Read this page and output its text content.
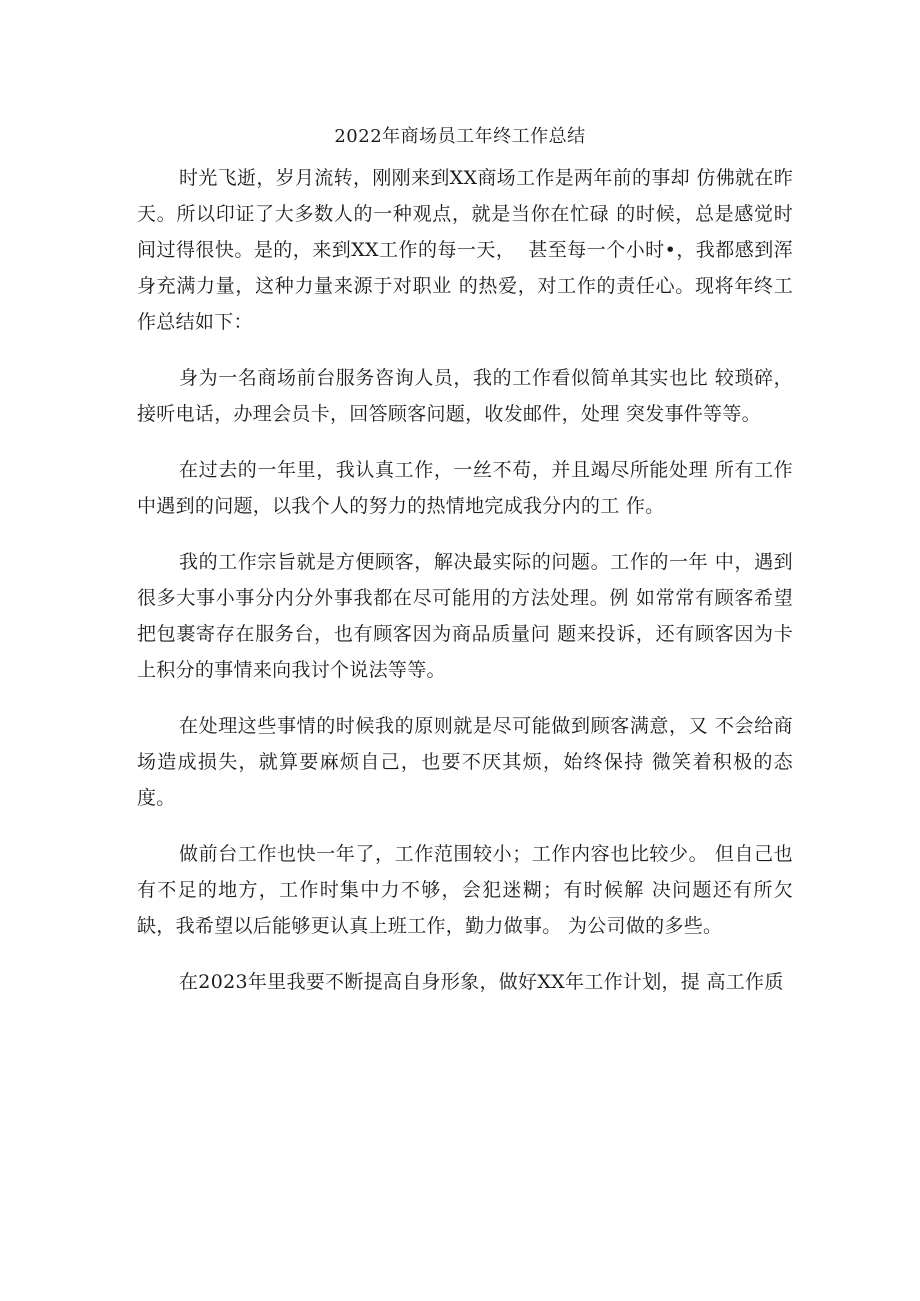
2022年商场员工年终工作总结

时光飞逝，岁月流转，刚刚来到XX商场工作是两年前的事却 仿佛就在昨天。所以印证了大多数人的一种观点，就是当你在忙碌 的时候，总是感觉时间过得很快。是的，来到XX工作的每一天，  甚至每一个小时•，我都感到浑身充满力量，这种力量来源于对职业 的热爱，对工作的责任心。现将年终工作总结如下：

身为一名商场前台服务咨询人员，我的工作看似简单其实也比 较琐碎，接听电话，办理会员卡，回答顾客问题，收发邮件，处理 突发事件等等。

在过去的一年里，我认真工作，一丝不苟，并且竭尽所能处理 所有工作中遇到的问题，以我个人的努力的热情地完成我分内的工 作。

我的工作宗旨就是方便顾客，解决最实际的问题。工作的一年 中，遇到很多大事小事分内分外事我都在尽可能用的方法处理。例 如常常有顾客希望把包裹寄存在服务台，也有顾客因为商品质量问 题来投诉，还有顾客因为卡上积分的事情来向我讨个说法等等。

在处理这些事情的时候我的原则就是尽可能做到顾客满意，又 不会给商场造成损失，就算要麻烦自己，也要不厌其烦，始终保持 微笑着积极的态度。

做前台工作也快一年了，工作范围较小；工作内容也比较少。 但自己也有不足的地方，工作时集中力不够，会犯迷糊；有时候解 决问题还有所欠缺，我希望以后能够更认真上班工作，勤力做事。 为公司做的多些。

在2023年里我要不断提高自身形象，做好XX年工作计划，提 高工作质
